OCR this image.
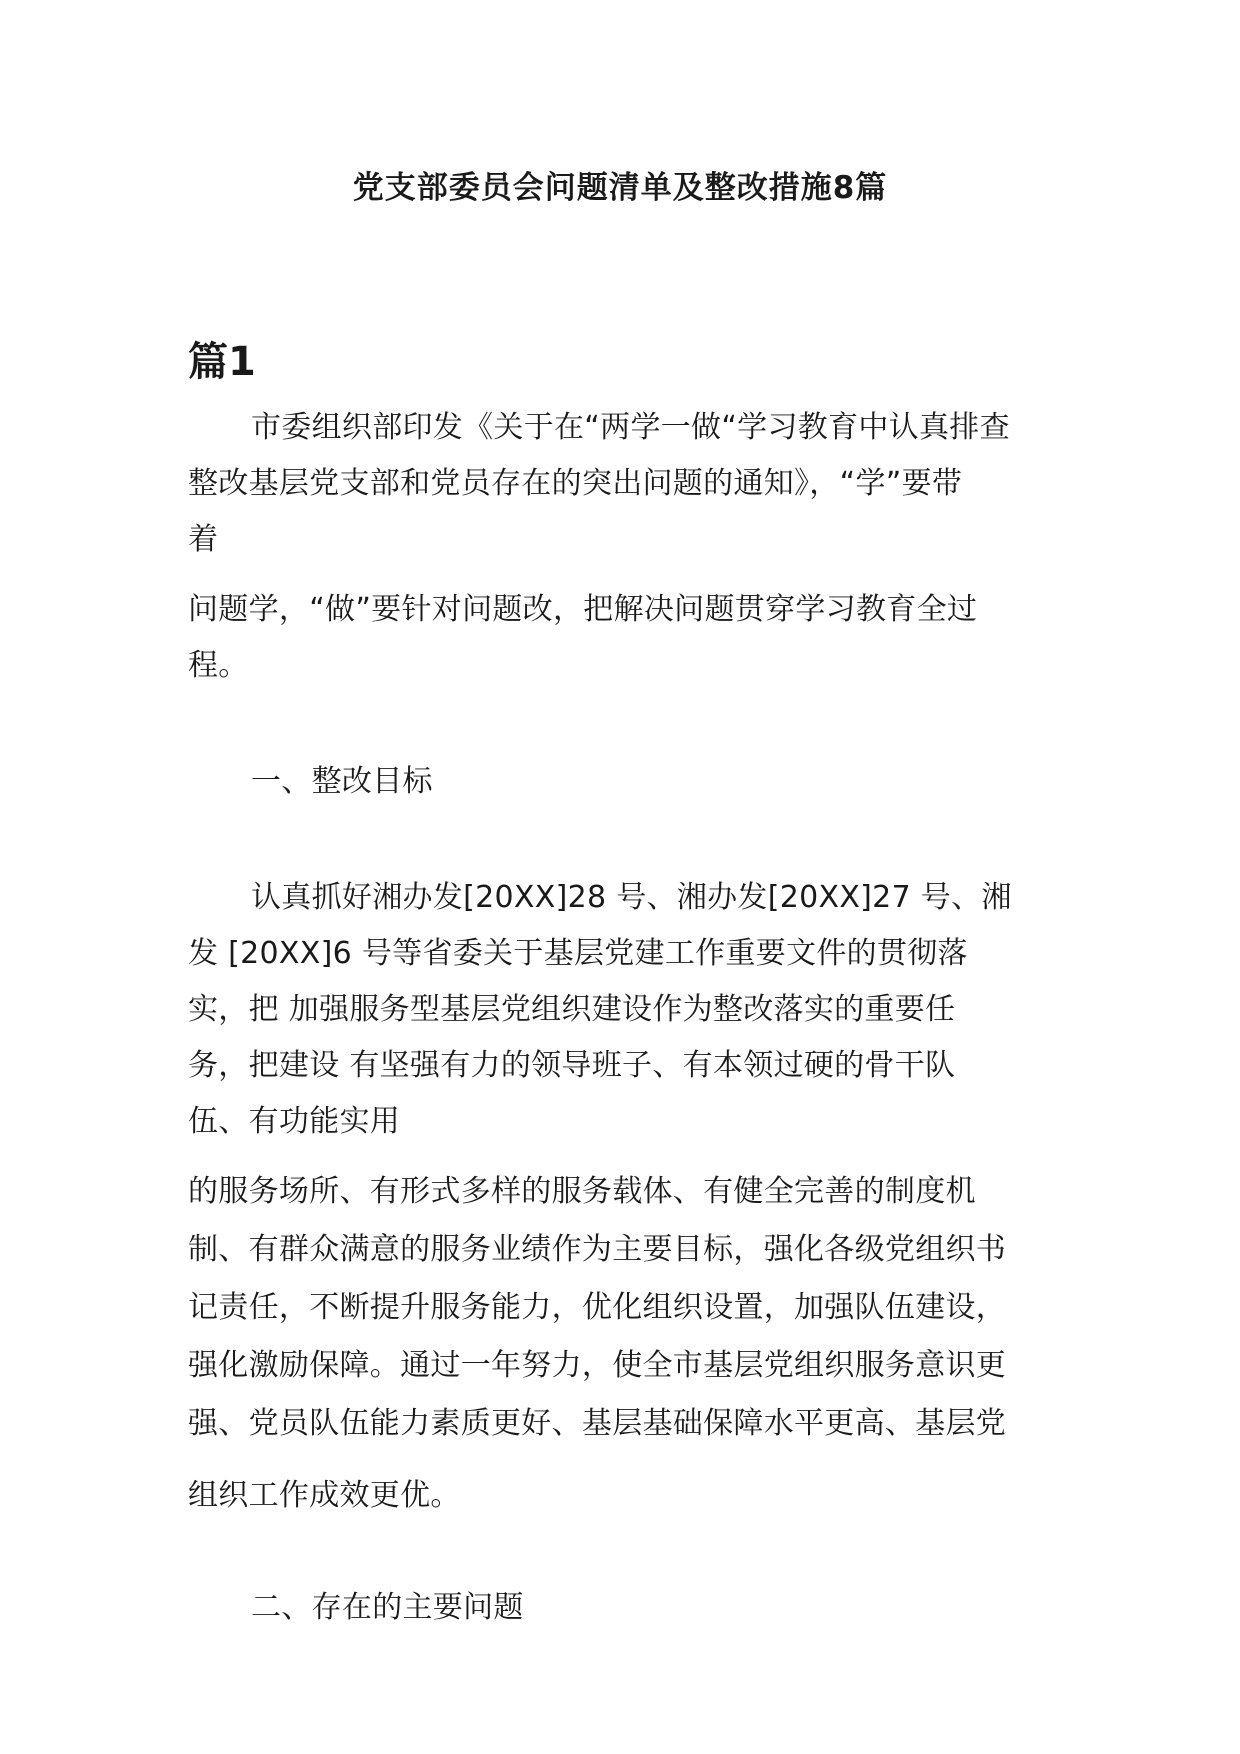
党支部委员会问题清单及整改措施8篇
篇1
市委组织部印发《关于在“两学一做“学习教育中认真排查
整改基层党支部和党员存在的突出问题的通知》，“学”要带
着
问题学，“做”要针对问题改，把解决问题贯穿学习教育全过
程。
一、整改目标
认真抓好湘办发[20XX]28 号、湘办发[20XX]27 号、湘
发 [20XX]6 号等省委关于基层党建工作重要文件的贯彻落
实，把 加强服务型基层党组织建设作为整改落实的重要任
务，把建设 有坚强有力的领导班子、有本领过硬的骨干队
伍、有功能实用
的服务场所、有形式多样的服务载体、有健全完善的制度机
制、有群众满意的服务业绩作为主要目标，强化各级党组织书
记责任，不断提升服务能力，优化组织设置，加强队伍建设，
强化激励保障。通过一年努力，使全市基层党组织服务意识更
强、党员队伍能力素质更好、基层基础保障水平更高、基层党
组织工作成效更优。
二、存在的主要问题
